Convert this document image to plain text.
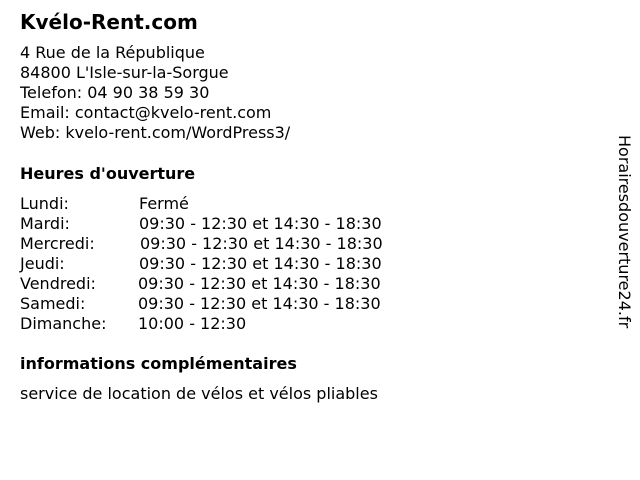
Kvélo-Rent.com
4 Rue de la République
84800 L'Isle-sur-la-Sorgue
Telefon: 04 90 38 59 30
Email: contact@kvelo-rent.com
Web: kvelo-rent.com/WordPress3/
Heures d'ouverture
Lundi:	Fermé
Mardi:	09:30 - 12:30 et 14:30 - 18:30
Mercredi:	09:30 - 12:30 et 14:30 - 18:30
Jeudi:	09:30 - 12:30 et 14:30 - 18:30
Vendredi:	09:30 - 12:30 et 14:30 - 18:30
Samedi:	09:30 - 12:30 et 14:30 - 18:30
Dimanche: 10:00 - 12:30
informations complémentaires
service de location de vélos et vélos pliables
Horairesdouverture24.fr
